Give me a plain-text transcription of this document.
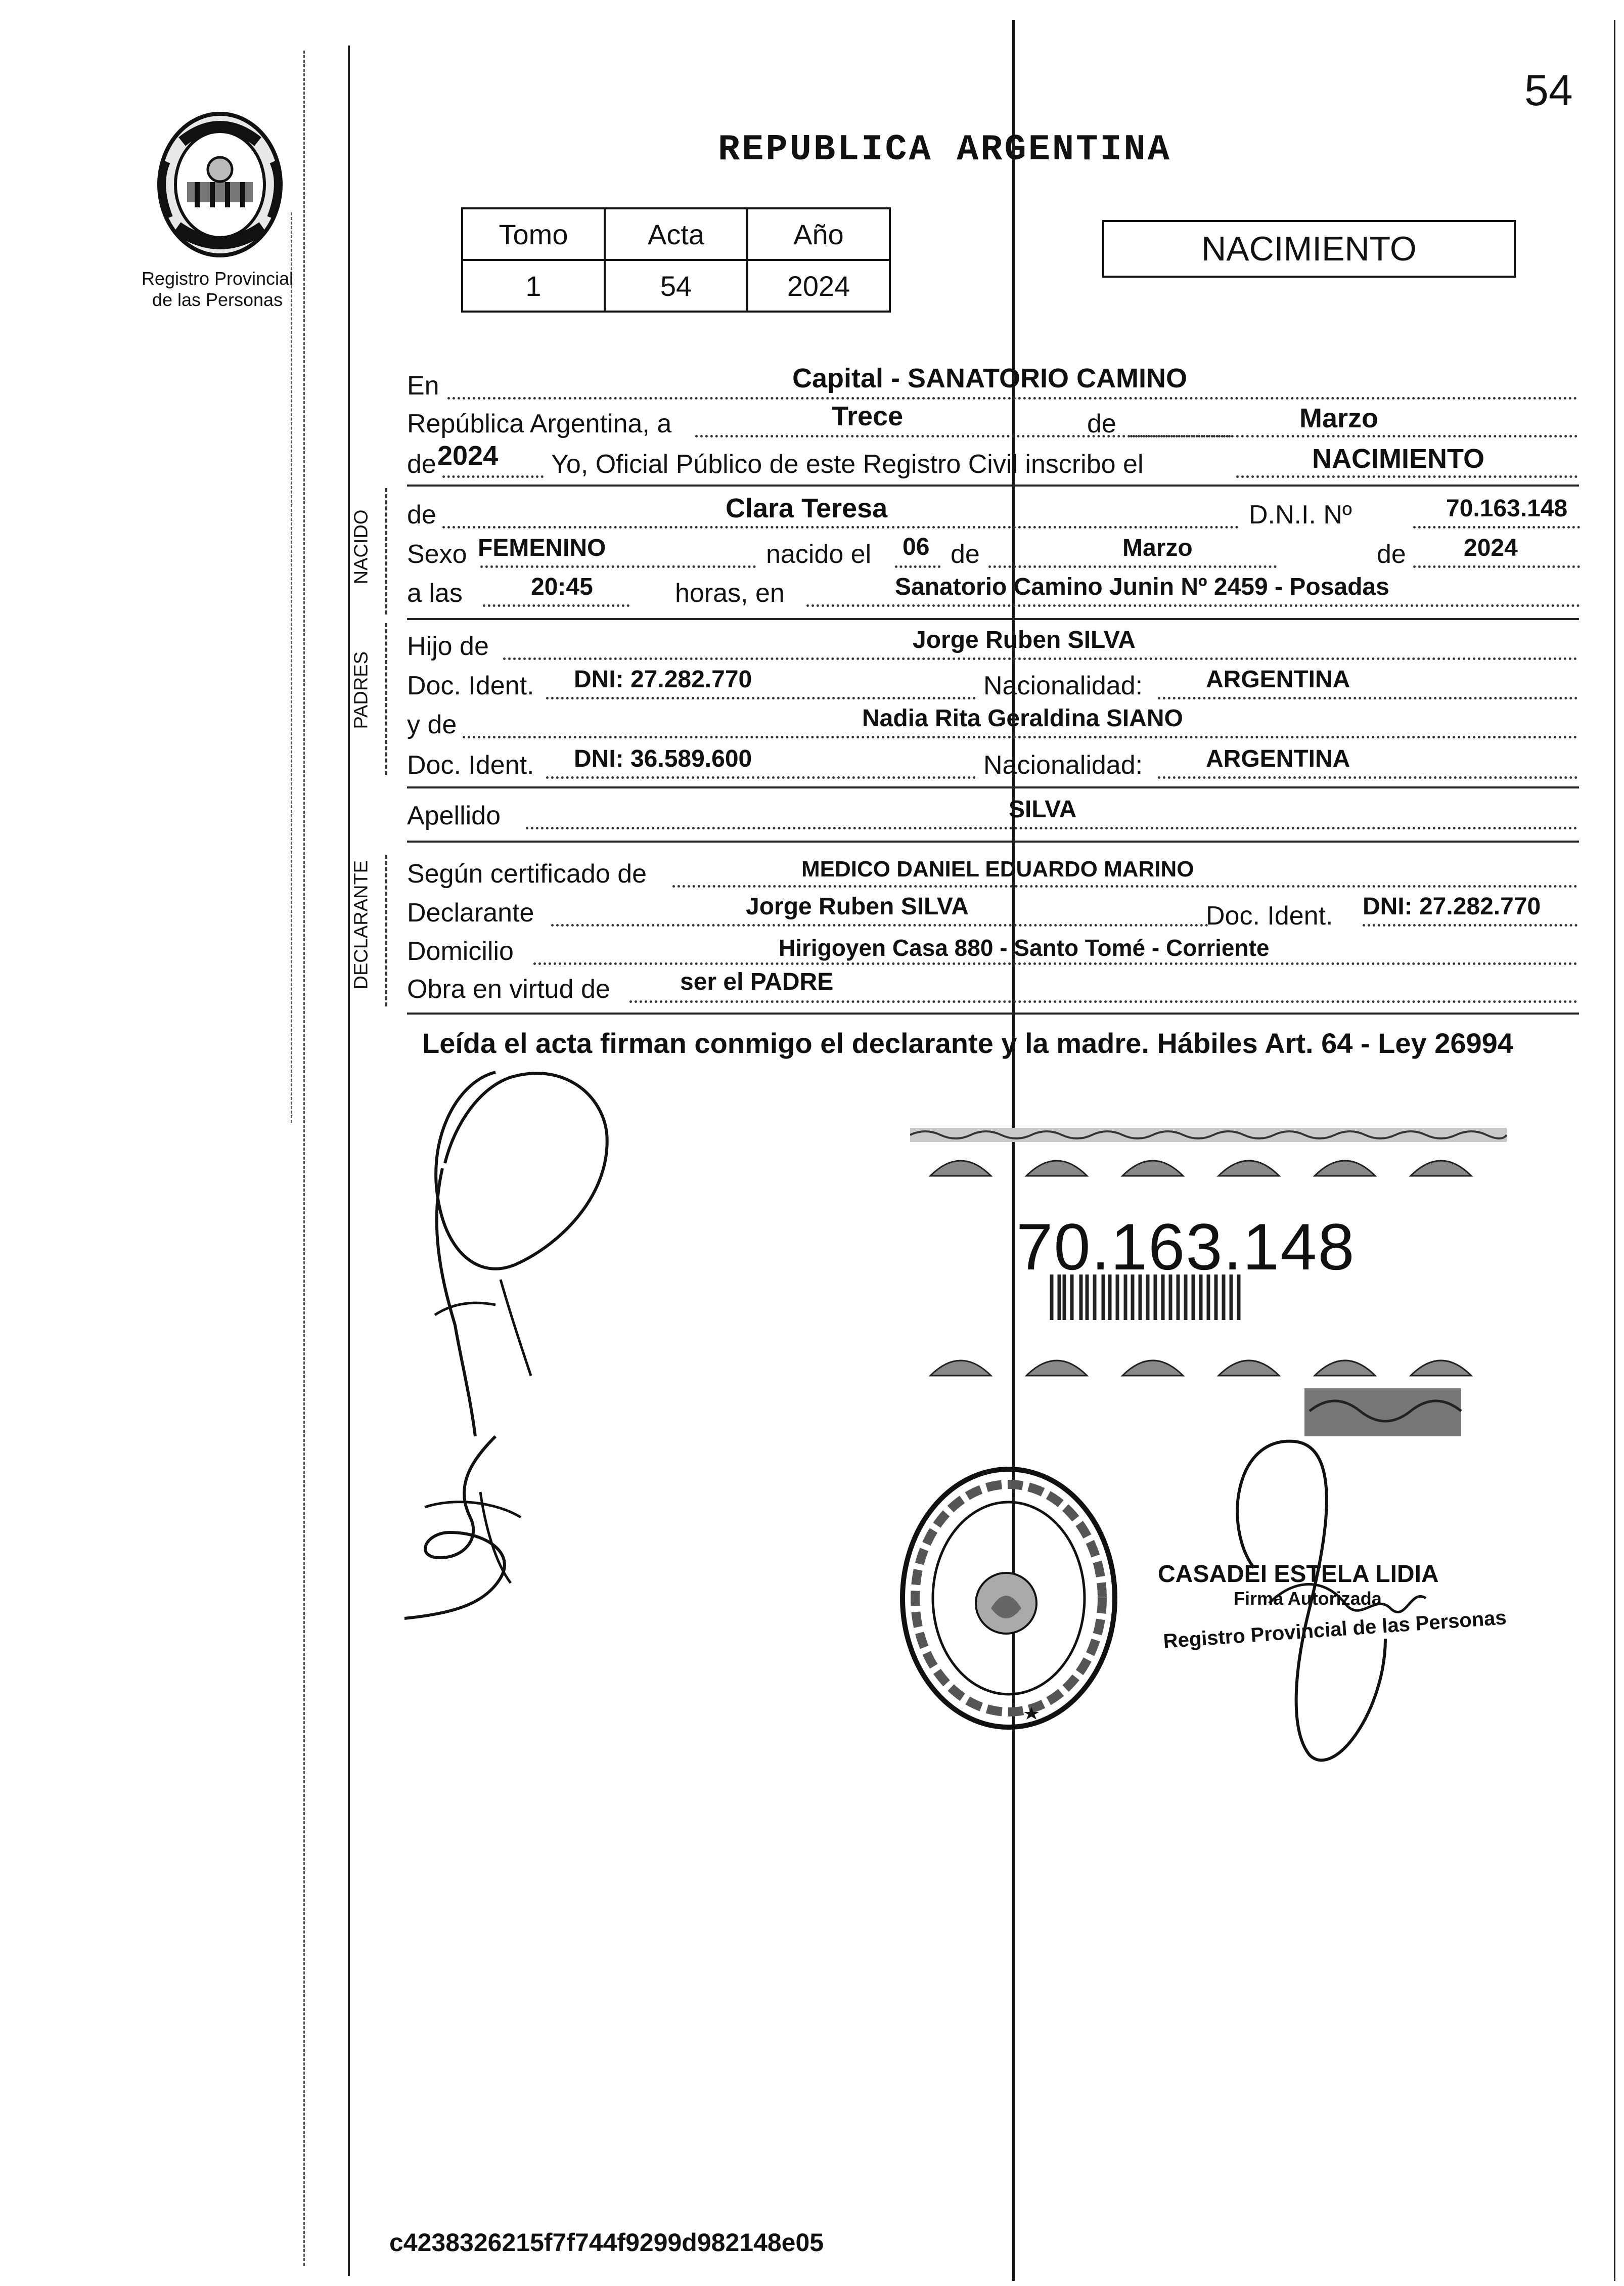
54
Registro Provincial
de las Personas
REPUBLICA ARGENTINA
Tomo	Acta	Año
1	54	2024
NACIMIENTO
En	Capital - SANATORIO CAMINO
República Argentina, a	Trece	de	Marzo
de 2024 Yo, Oficial Público de este Registro Civil inscribo el	NACIMIENTO
NACIDO de	Clara Teresa	D.N.I. Nº	70.163.148
Sexo FEMENINO	nacido el 06 de	Marzo	de 2024
a las	20:45	horas, en	Sanatorio Camino Junin Nº 2459 - Posadas
PADRES
Hijo de	Jorge Ruben SILVA
Doc. Ident. DNI: 27.282.770	Nacionalidad:	ARGENTINA
y de	Nadia Rita Geraldina SIANO
Doc. Ident. DNI: 36.589.600	Nacionalidad:	ARGENTINA
Apellido	SILVA
DECLARANTE Según certificado de	MEDICO DANIEL EDUARDO MARINO
Declarante	Jorge Ruben SILVA	Doc. Ident. DNI: 27.282.770
Domicilio	Hirigoyen Casa 880 - Santo Tomé - Corriente
Obra en virtud de	ser el PADRE
Leída el acta firman conmigo el declarante y la madre. Hábiles Art. 64 - Ley 26994
70.163.148
CASADEI ESTELA LIDIA
Firma Autorizada
Registro Provincial de las Personas
c4238326215f7f744f9299d982148e05
